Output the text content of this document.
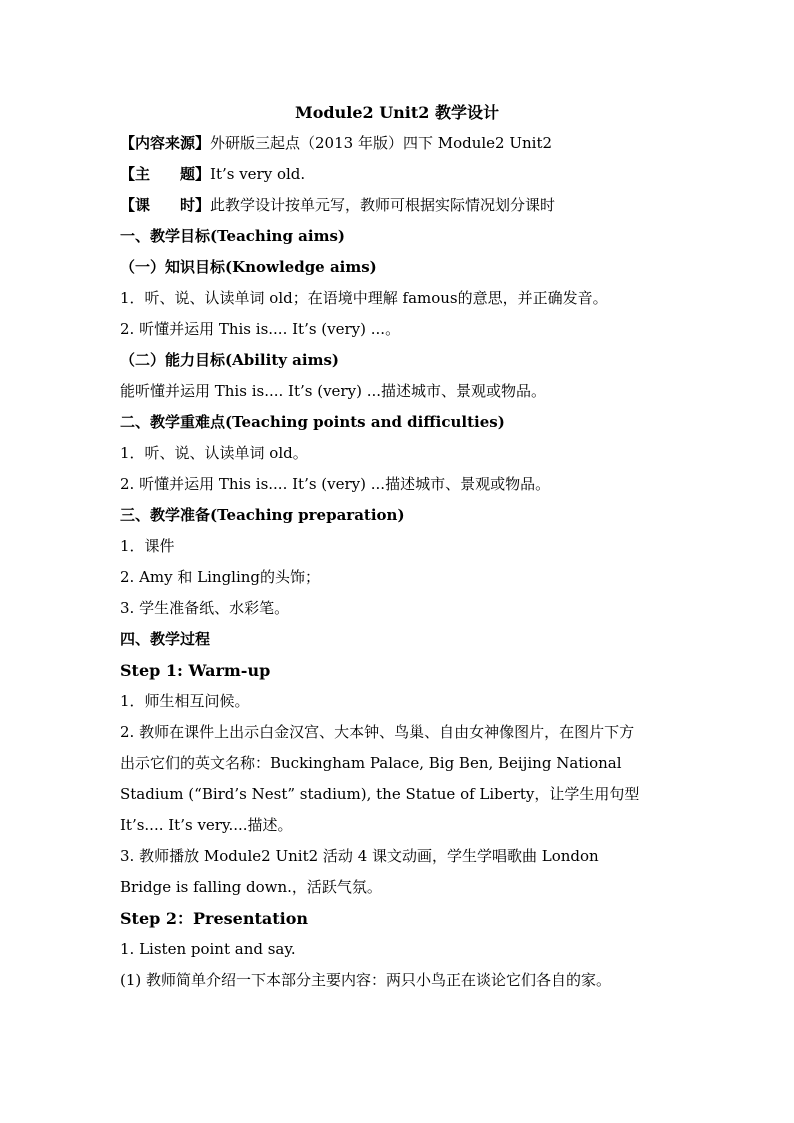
Module2 Unit2 教学设计
【内容来源】外研版三起点（2013 年版）四下 Module2 Unit2
【主　　题】It’s very old.
【课　　时】此教学设计按单元写，教师可根据实际情况划分课时
一、教学目标(Teaching aims)
（一）知识目标(Knowledge aims)
1．听、说、认读单词 old；在语境中理解 famous的意思，并正确发音。
2. 听懂并运用 This is.... It’s (very) ...。
（二）能力目标(Ability aims)
能听懂并运用 This is.... It’s (very) ...描述城市、景观或物品。
二、教学重难点(Teaching points and difficulties)
1．听、说、认读单词 old。
2. 听懂并运用 This is.... It’s (very) ...描述城市、景观或物品。
三、教学准备(Teaching preparation)
1．课件
2. Amy 和 Lingling的头饰；
3. 学生准备纸、水彩笔。
四、教学过程
Step 1: Warm-up
1．师生相互问候。
2. 教师在课件上出示白金汉宫、大本钟、鸟巢、自由女神像图片，在图片下方
出示它们的英文名称：Buckingham Palace, Big Ben, Beijing National
Stadium (“Bird’s Nest” stadium), the Statue of Liberty，让学生用句型
It’s.... It’s very....描述。
3. 教师播放 Module2 Unit2 活动 4 课文动画，学生学唱歌曲 London
Bridge is falling down.，活跃气氛。
Step 2：Presentation
1. Listen point and say.
(1) 教师简单介绍一下本部分主要内容：两只小鸟正在谈论它们各自的家。
